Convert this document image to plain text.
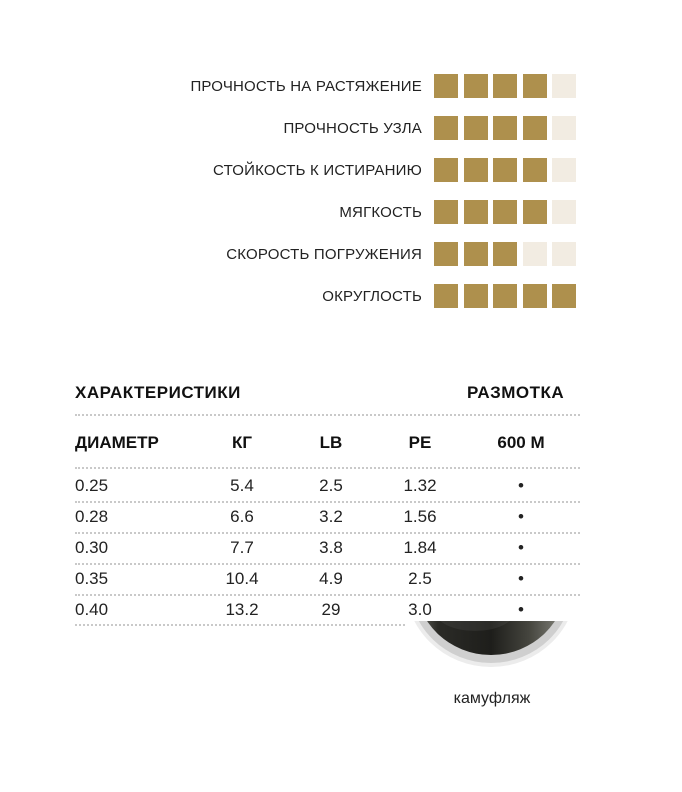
ПРОЧНОСТЬ НА РАСТЯЖЕНИЕ
ПРОЧНОСТЬ УЗЛА
СТОЙКОСТЬ К ИСТИРАНИЮ
МЯГКОСТЬ
СКОРОСТЬ ПОГРУЖЕНИЯ
ОКРУГЛОСТЬ
ХАРАКТЕРИСТИКИ	РАЗМОТКА
ДИАМЕТР	КГ	LB	PE	600 М
0.25	5.4	2.5	1.32	•
0.28	6.6	3.2	1.56	•
0.30	7.7	3.8	1.84	•
0.35	10.4	4.9	2.5	•
0.40	13.2	29	3.0	•
камуфляж
